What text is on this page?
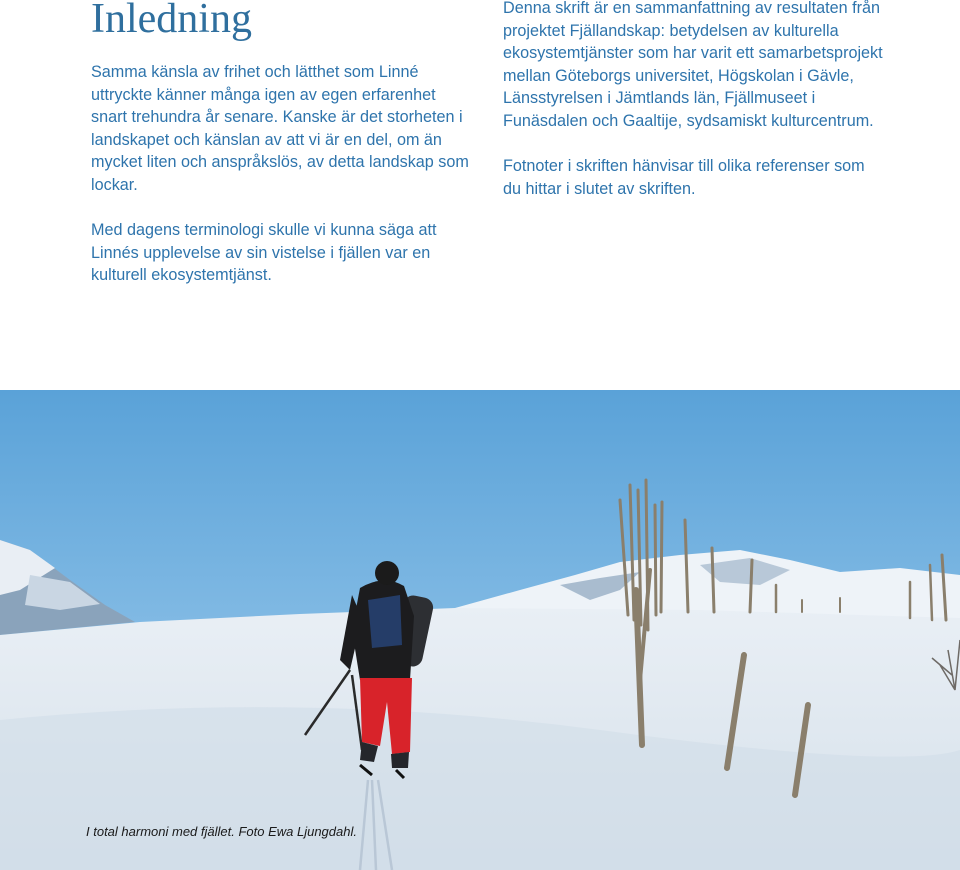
Inledning

Samma känsla av frihet och lätthet som Linné uttryckte känner många igen av egen erfarenhet snart trehundra år senare. Kanske är det storheten i landskapet och känslan av att vi är en del, om än mycket liten och anspråkslös, av detta landskap som lockar.

Med dagens terminologi skulle vi kunna säga att Linnés upplevelse av sin vistelse i fjällen var en kulturell ekosystemtjänst.

Denna skrift är en sammanfattning av resultaten från projektet Fjällandskap: betydelsen av kulturella ekosystemtjänster som har varit ett samarbetsprojekt mellan Göteborgs universitet, Högskolan i Gävle, Länsstyrelsen i Jämtlands län, Fjällmuseet i Funäsdalen och Gaaltije, sydsamiskt kulturcentrum.

Fotnoter i skriften hänvisar till olika referenser som du hittar i slutet av skriften.

I total harmoni med fjället. Foto Ewa Ljungdahl.
